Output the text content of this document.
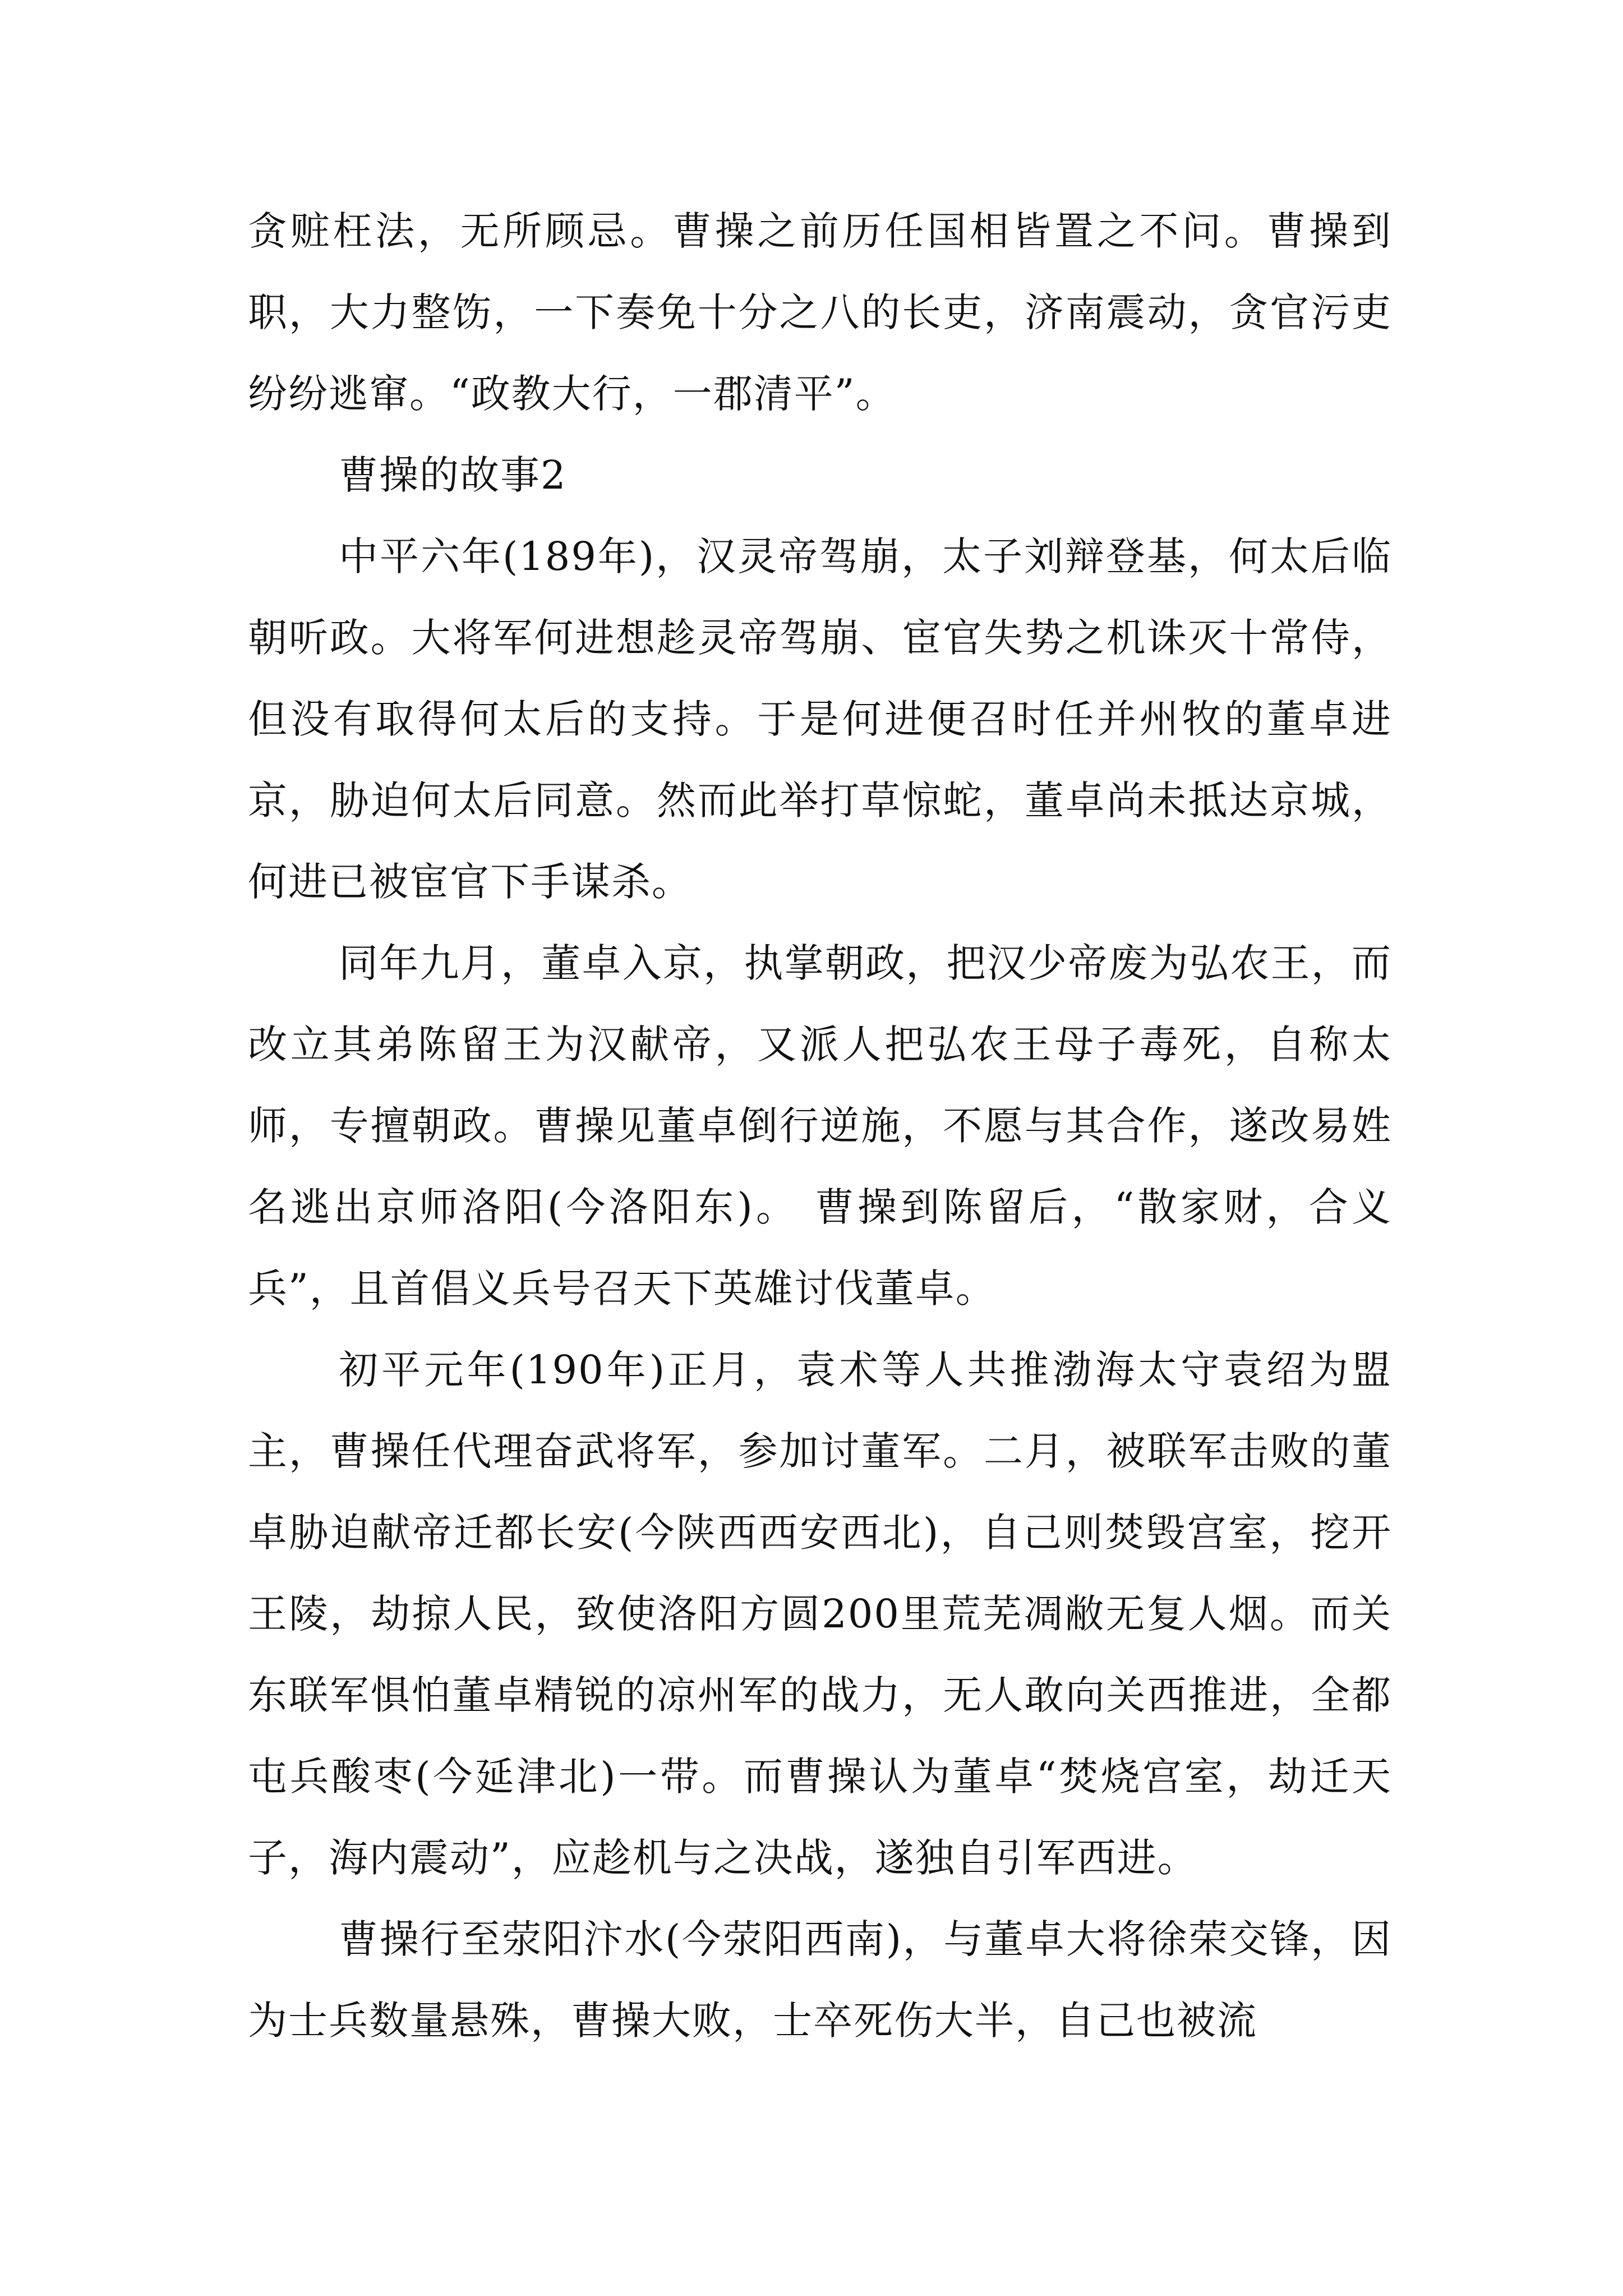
贪赃枉法，无所顾忌。曹操之前历任国相皆置之不问。曹操到职，大力整饬，一下奏免十分之八的长吏，济南震动，贪官污吏纷纷逃窜。“政教大行，一郡清平”。

曹操的故事2

中平六年(189年)，汉灵帝驾崩，太子刘辩登基，何太后临朝听政。大将军何进想趁灵帝驾崩、宦官失势之机诛灭十常侍，但没有取得何太后的支持。于是何进便召时任并州牧的董卓进京，胁迫何太后同意。然而此举打草惊蛇，董卓尚未抵达京城，何进已被宦官下手谋杀。

同年九月，董卓入京，执掌朝政，把汉少帝废为弘农王，而改立其弟陈留王为汉献帝，又派人把弘农王母子毒死，自称太师，专擅朝政。曹操见董卓倒行逆施，不愿与其合作，遂改易姓名逃出京师洛阳(今洛阳东)。 曹操到陈留后，“散家财，合义兵”，且首倡义兵号召天下英雄讨伐董卓。

初平元年(190年)正月，袁术等人共推渤海太守袁绍为盟主，曹操任代理奋武将军，参加讨董军。二月，被联军击败的董卓胁迫献帝迁都长安(今陕西西安西北)，自己则焚毁宫室，挖开王陵，劫掠人民，致使洛阳方圆200里荒芜凋敝无复人烟。而关东联军惧怕董卓精锐的凉州军的战力，无人敢向关西推进，全都屯兵酸枣(今延津北)一带。而曹操认为董卓“焚烧宫室，劫迁天子，海内震动”，应趁机与之决战，遂独自引军西进。

曹操行至荥阳汴水(今荥阳西南)，与董卓大将徐荣交锋，因为士兵数量悬殊，曹操大败，士卒死伤大半，自己也被流
